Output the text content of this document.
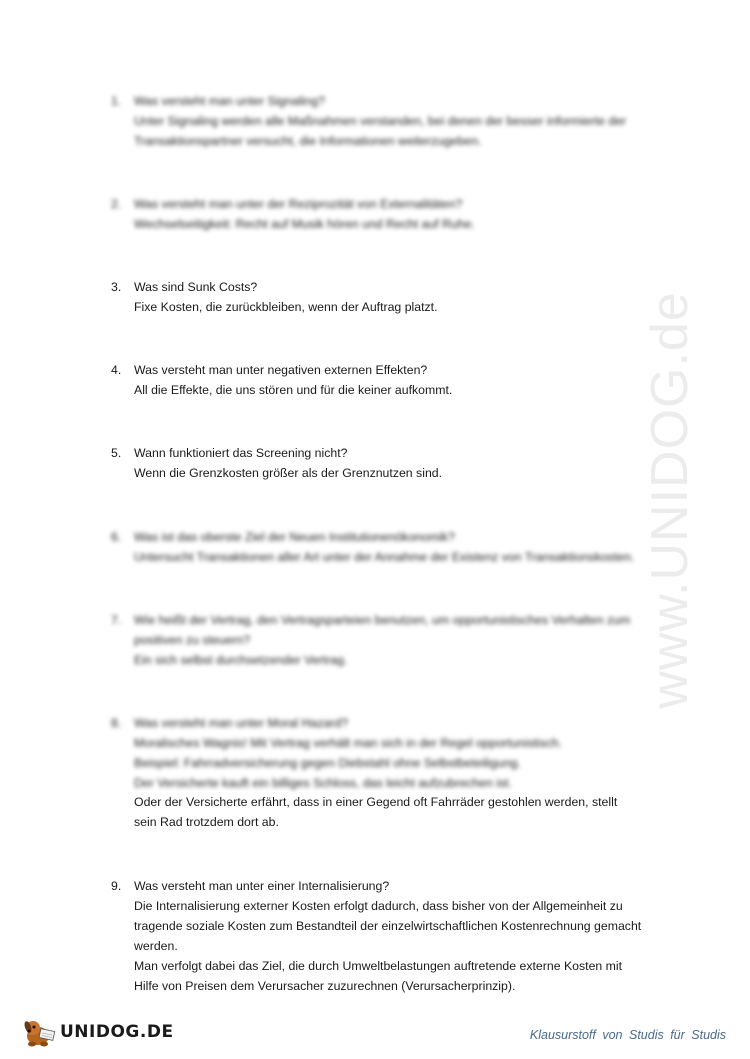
www.UNIDOG.de
1.	Was versteht man unter Signaling?
Unter Signaling werden alle Maßnahmen verstanden, bei denen der besser informierte der
Transaktionspartner versucht, die Informationen weiterzugeben.
2.	Was versteht man unter der Reziprozität von Externalitäten?
Wechselseitigkeit: Recht auf Musik hören und Recht auf Ruhe.
3.	Was sind Sunk Costs?
Fixe Kosten, die zurückbleiben, wenn der Auftrag platzt.
4.	Was versteht man unter negativen externen Effekten?
All die Effekte, die uns stören und für die keiner aufkommt.
5.	Wann funktioniert das Screening nicht?
Wenn die Grenzkosten größer als der Grenznutzen sind.
6.	Was ist das oberste Ziel der Neuen Institutionenökonomik?
Untersucht Transaktionen aller Art unter der Annahme der Existenz von Transaktionskosten.
7.	Wie heißt der Vertrag, den Vertragsparteien benutzen, um opportunistisches Verhalten zum
positiven zu steuern?
Ein sich selbst durchsetzender Vertrag.
8.	Was versteht man unter Moral Hazard?
Moralisches Wagnis! Mit Vertrag verhält man sich in der Regel opportunistisch.
Beispiel: Fahrradversicherung gegen Diebstahl ohne Selbstbeteiligung.
Der Versicherte kauft ein billiges Schloss, das leicht aufzubrechen ist.
Oder der Versicherte erfährt, dass in einer Gegend oft Fahrräder gestohlen werden, stellt
sein Rad trotzdem dort ab.
9.	Was versteht man unter einer Internalisierung?
Die Internalisierung externer Kosten erfolgt dadurch, dass bisher von der Allgemeinheit zu
tragende soziale Kosten zum Bestandteil der einzelwirtschaftlichen Kostenrechnung gemacht
werden.
Man verfolgt dabei das Ziel, die durch Umweltbelastungen auftretende externe Kosten mit
Hilfe von Preisen dem Verursacher zuzurechnen (Verursacherprinzip).
UNIDOG.DE	Klausurstoff von Studis für Studis
